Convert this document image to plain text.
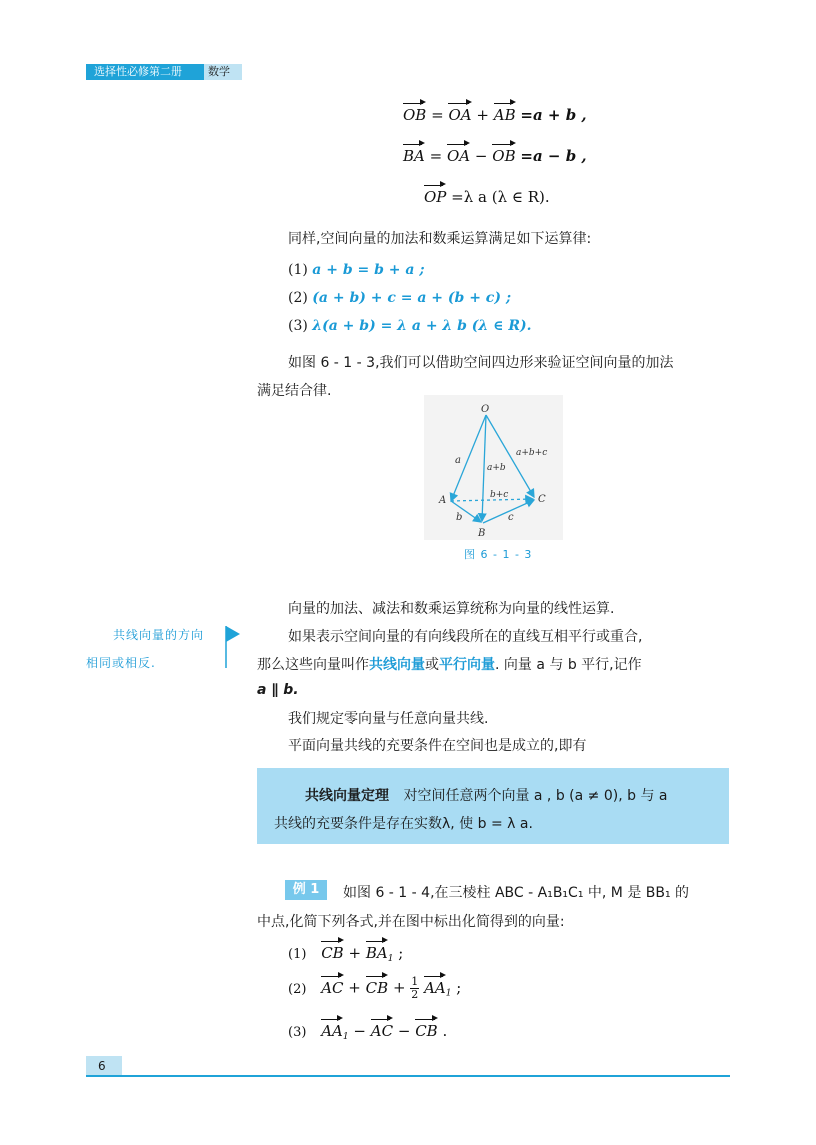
选择性必修第二册 数学
OB = OA + AB =a + b ,
BA = OA − OB =a − b ,
OP =λ a (λ ∈ R).
同样,空间向量的加法和数乘运算满足如下运算律:
(1) a + b = b + a ;
(2) (a + b) + c = a + (b + c) ;
(3) λ(a + b) = λ a + λ b (λ ∈ R).
如图 6 - 1 - 3,我们可以借助空间四边形来验证空间向量的加法
满足结合律.
O
A
B
C
a
b	c
a+b
b+c
a+b+c
图 6 - 1 - 3
向量的加法、减法和数乘运算统称为向量的线性运算.
共线向量的方向
相同或相反.
如果表示空间向量的有向线段所在的直线互相平行或重合,
那么这些向量叫作共线向量或平行向量. 向量 a 与 b 平行,记作
a ∥ b.
我们规定零向量与任意向量共线.
平面向量共线的充要条件在空间也是成立的,即有
共线向量定理 对空间任意两个向量 a , b (a ≠ 0), b 与 a
共线的充要条件是存在实数λ, 使 b = λ a.
例 1	如图 6 - 1 - 4,在三棱柱 ABC - A₁B₁C₁ 中, M 是 BB₁ 的
中点,化简下列各式,并在图中标出化简得到的向量:
(1) CB + $BA_1$ ;
(2) AC + CB + $\frac{1}{2} AA_1$ ;
(3) $AA_1$ − AC − CB .
6
